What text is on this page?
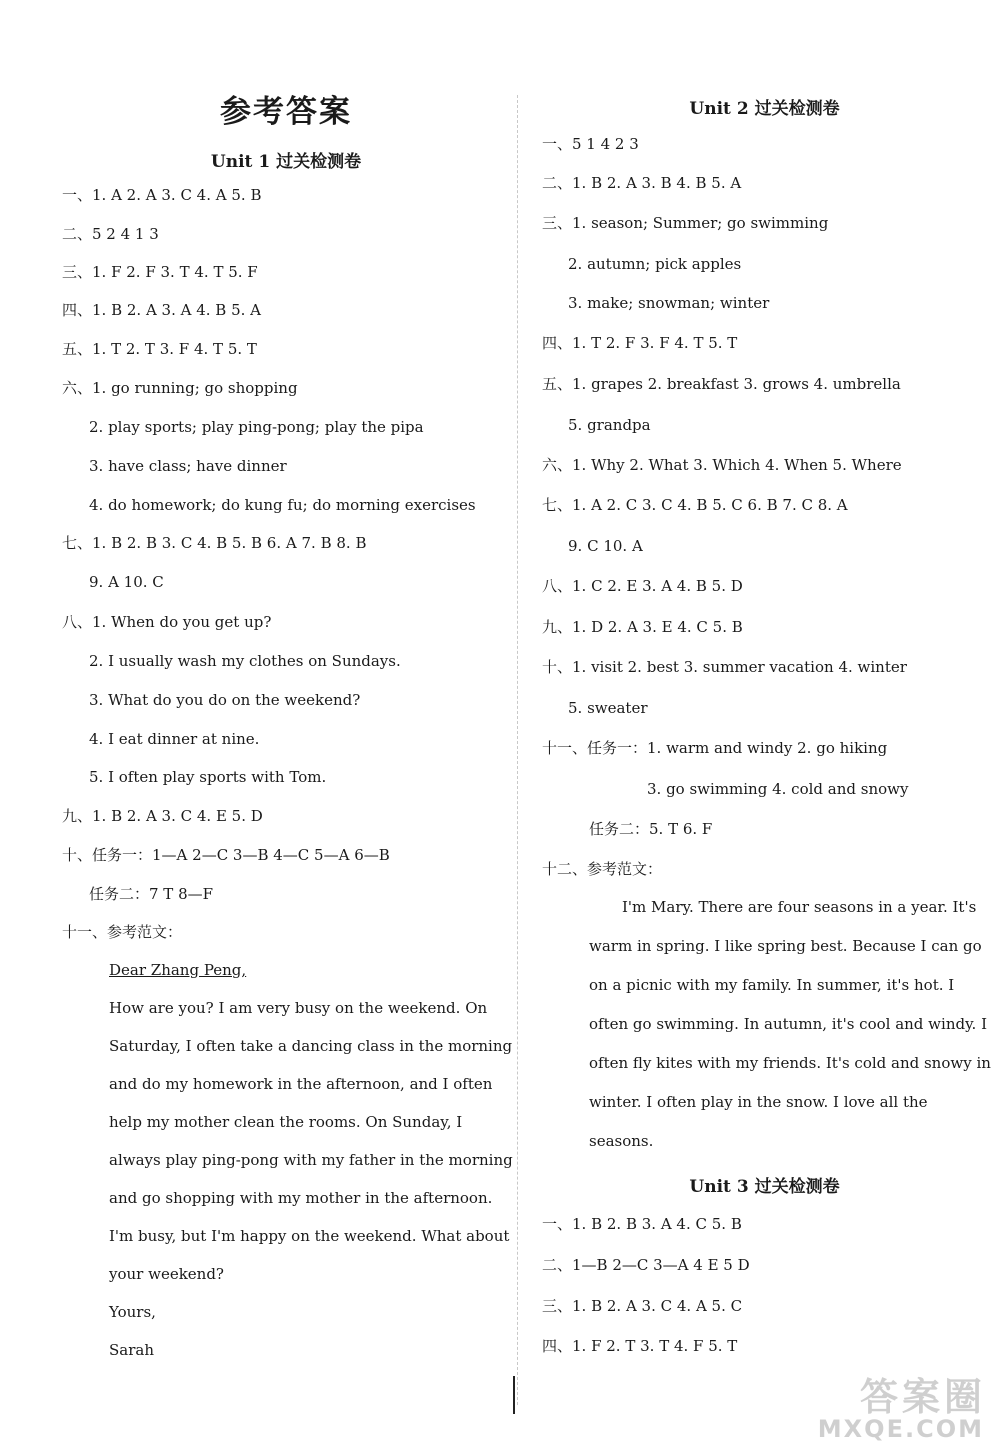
参考答案
Unit 1 过关检测卷
一、1. A 2. A 3. C 4. A 5. B
二、5 2 4 1 3
三、1. F 2. F 3. T 4. T 5. F
四、1. B 2. A 3. A 4. B 5. A
五、1. T 2. T 3. F 4. T 5. T
六、1. go running; go shopping
2. play sports; play ping-pong; play the pipa
3. have class; have dinner
4. do homework; do kung fu; do morning exercises
七、1. B 2. B 3. C 4. B 5. B 6. A 7. B 8. B
9. A 10. C
八、1. When do you get up?
2. I usually wash my clothes on Sundays.
3. What do you do on the weekend?
4. I eat dinner at nine.
5. I often play sports with Tom.
九、1. B 2. A 3. C 4. E 5. D
十、任务一：1—A 2—C 3—B 4—C 5—A 6—B
任务二：7 T 8—F
十一、参考范文：
Dear Zhang Peng,
How are you? I am very busy on the weekend. On
Saturday, I often take a dancing class in the morning
and do my homework in the afternoon, and I often
help my mother clean the rooms. On Sunday, I
always play ping-pong with my father in the morning
and go shopping with my mother in the afternoon.
I'm busy, but I'm happy on the weekend. What about
your weekend?
Yours,
Sarah
Unit 2 过关检测卷
一、5 1 4 2 3
二、1. B 2. A 3. B 4. B 5. A
三、1. season; Summer; go swimming
2. autumn; pick apples
3. make; snowman; winter
四、1. T 2. F 3. F 4. T 5. T
五、1. grapes 2. breakfast 3. grows 4. umbrella
5. grandpa
六、1. Why 2. What 3. Which 4. When 5. Where
七、1. A 2. C 3. C 4. B 5. C 6. B 7. C 8. A
9. C 10. A
八、1. C 2. E 3. A 4. B 5. D
九、1. D 2. A 3. E 4. C 5. B
十、1. visit 2. best 3. summer vacation 4. winter
5. sweater
十一、任务一：1. warm and windy 2. go hiking
3. go swimming 4. cold and snowy
任务二：5. T 6. F
十二、参考范文：
I'm Mary. There are four seasons in a year. It's
warm in spring. I like spring best. Because I can go
on a picnic with my family. In summer, it's hot. I
often go swimming. In autumn, it's cool and windy. I
often fly kites with my friends. It's cold and snowy in
winter. I often play in the snow. I love all the
seasons.
Unit 3 过关检测卷
一、1. B 2. B 3. A 4. C 5. B
二、1—B 2—C 3—A 4 E 5 D
三、1. B 2. A 3. C 4. A 5. C
四、1. F 2. T 3. T 4. F 5. T
答案圈
MXQE.COM
